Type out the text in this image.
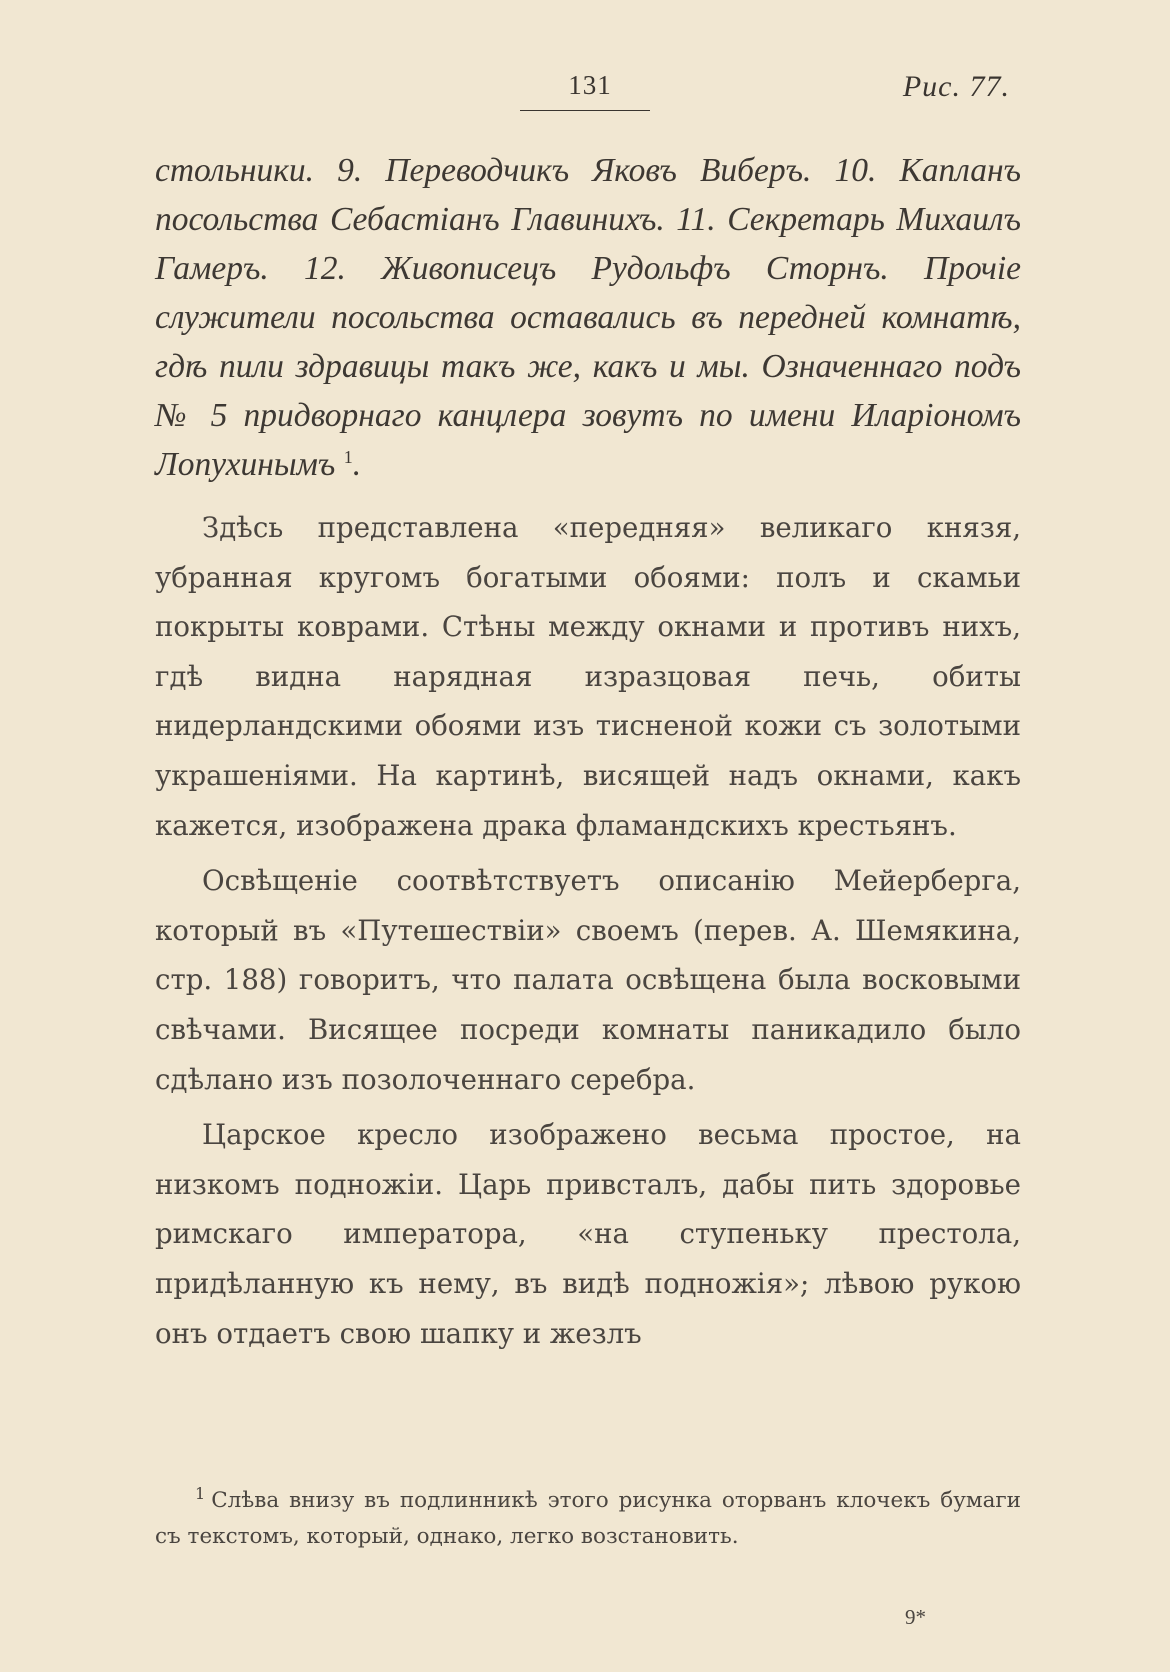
131	Рис. 77.

стольники. 9. Переводчикъ Яковъ Виберъ. 10. Капланъ посольства Себастіанъ Главинихъ. 11. Секретарь Михаилъ Гамеръ. 12. Живописецъ Рудольфъ Сторнъ. Прочіе служители посольства оставались въ передней комнатѣ, гдѣ пили здравицы такъ же, какъ и мы. Означеннаго подъ № 5 придворнаго канцлера зовутъ по имени Иларіономъ Лопухинымъ $^1$.

Здѣсь представлена «передняя» великаго князя, убранная кругомъ богатыми обоями: полъ и скамьи покрыты коврами. Стѣны между окнами и противъ нихъ, гдѣ видна нарядная изразцовая печь, обиты нидерландскими обоями изъ тисненой кожи съ золотыми украшеніями. На картинѣ, висящей надъ окнами, какъ кажется, изображена драка фламандскихъ крестьянъ.

Освѣщеніе соотвѣтствуетъ описанію Мейерберга, который въ «Путешествіи» своемъ (перев. А. Шемякина, стр. 188) говоритъ, что палата освѣщена была восковыми свѣчами. Висящее посреди комнаты паникадило было сдѣлано изъ позолоченнаго серебра.

Царское кресло изображено весьма простое, на низкомъ подножіи. Царь привсталъ, дабы пить здоровье римскаго императора, «на ступеньку престола, придѣланную къ нему, въ видѣ подножія»; лѣвою рукою онъ отдаетъ свою шапку и жезлъ

$^1$ Слѣва внизу въ подлинникѣ этого рисунка оторванъ клочекъ бумаги съ текстомъ, который, однако, легко возстановить.

9*
